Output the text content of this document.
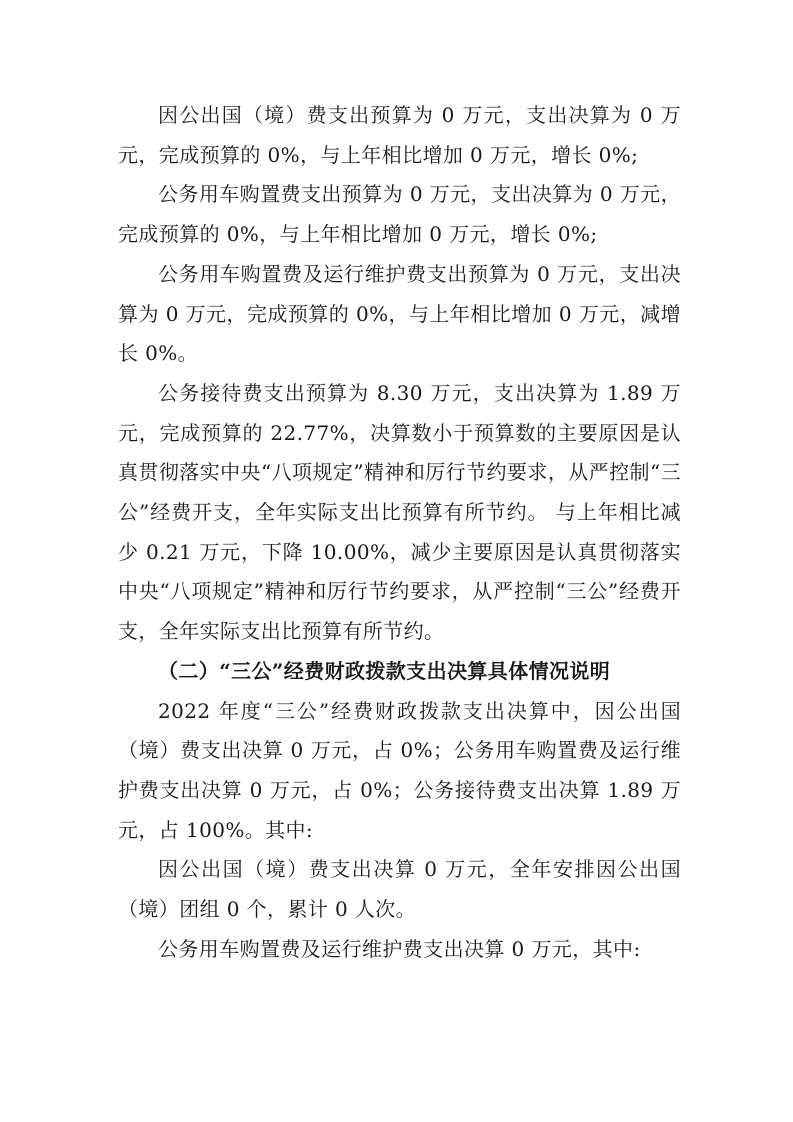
因公出国（境）费支出预算为 0 万元，支出决算为 0 万元，完成预算的 0%，与上年相比增加 0 万元，增长 0%;

公务用车购置费支出预算为 0 万元，支出决算为 0 万元，完成预算的 0%，与上年相比增加 0 万元，增长 0%;

公务用车购置费及运行维护费支出预算为 0 万元，支出决算为 0 万元，完成预算的 0%，与上年相比增加 0 万元，减增长 0%。

公务接待费支出预算为 8.30 万元，支出决算为 1.89 万元，完成预算的 22.77%，决算数小于预算数的主要原因是认真贯彻落实中央“八项规定”精神和厉行节约要求，从严控制“三公”经费开支，全年实际支出比预算有所节约。 与上年相比减少 0.21 万元，下降 10.00%，减少主要原因是认真贯彻落实中央“八项规定”精神和厉行节约要求，从严控制“三公”经费开支，全年实际支出比预算有所节约。

（二）“三公”经费财政拨款支出决算具体情况说明

2022 年度“三公”经费财政拨款支出决算中，因公出国（境）费支出决算 0 万元，占 0%；公务用车购置费及运行维护费支出决算 0 万元，占 0%；公务接待费支出决算 1.89 万元，占 100%。其中:

因公出国（境）费支出决算 0 万元，全年安排因公出国（境）团组 0 个，累计 0 人次。

公务用车购置费及运行维护费支出决算 0 万元，其中:
